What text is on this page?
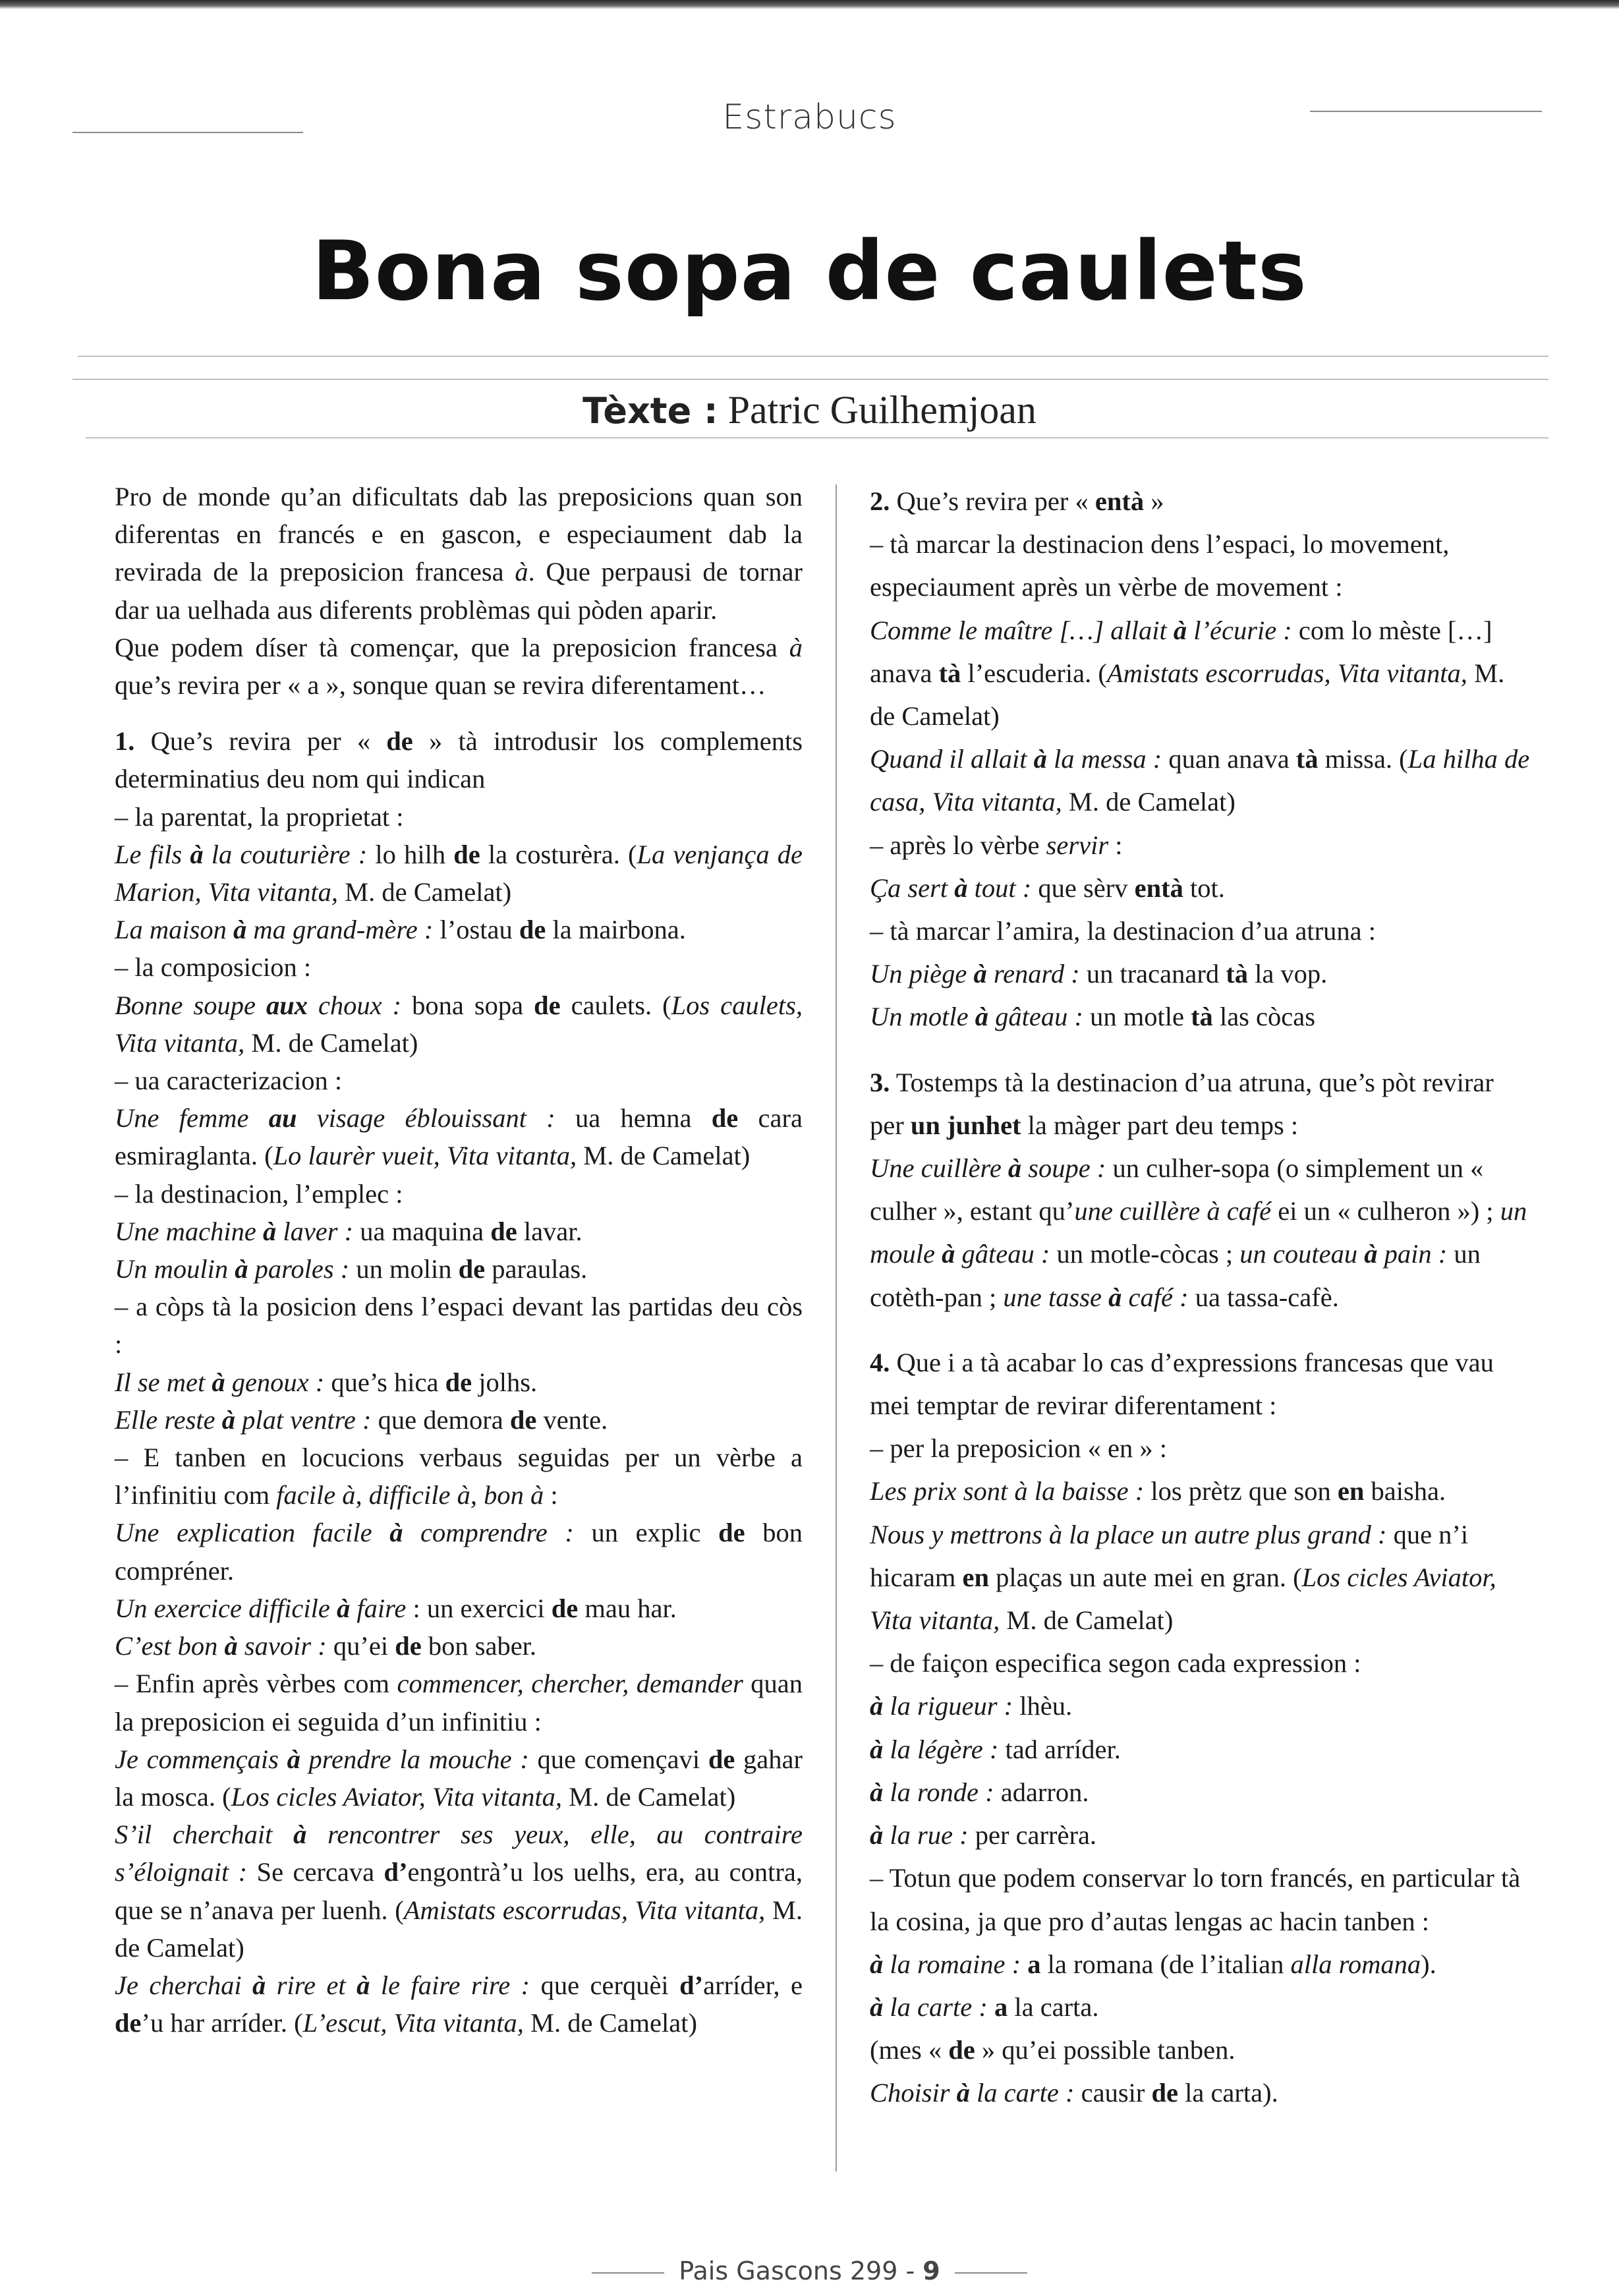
Estrabucs
Bona sopa de caulets
Tèxte : Patric Guilhemjoan

Pro de monde qu’an dificultats dab las preposicions quan son diferentas en francés e en gascon, e especiaument dab la revirada de la preposicion francesa à. Que perpausi de tornar dar ua uelhada aus diferents problèmas qui pòden aparir.

Que podem díser tà començar, que la preposicion francesa à que’s revira per « a », sonque quan se revira diferentament…

1. Que’s revira per « de » tà introdusir los complements determinatius deu nom qui indican

– la parentat, la proprietat :

Le fils à la couturière : lo hilh de la costurèra. (La venjança de Marion, Vita vitanta, M. de Camelat)

La maison à ma grand-mère : l’ostau de la mairbona.

– la composicion :

Bonne soupe aux choux : bona sopa de caulets. (Los caulets, Vita vitanta, M. de Camelat)

– ua caracterizacion :

Une femme au visage éblouissant : ua hemna de cara esmiraglanta. (Lo laurèr vueit, Vita vitanta, M. de Camelat)

– la destinacion, l’emplec :

Une machine à laver : ua maquina de lavar.

Un moulin à paroles : un molin de paraulas.

– a còps tà la posicion dens l’espaci devant las partidas deu còs :

Il se met à genoux : que’s hica de jolhs.

Elle reste à plat ventre : que demora de vente.

– E tanben en locucions verbaus seguidas per un vèrbe a l’infinitiu com facile à, difficile à, bon à :

Une explication facile à comprendre : un explic de bon compréner.

Un exercice difficile à faire : un exercici de mau har.

C’est bon à savoir : qu’ei de bon saber.

– Enfin après vèrbes com commencer, chercher, demander quan la preposicion ei seguida d’un infinitiu :

Je commençais à prendre la mouche : que començavi de gahar la mosca. (Los cicles Aviator, Vita vitanta, M. de Camelat)

S’il cherchait à rencontrer ses yeux, elle, au contraire s’éloignait : Se cercava d’engontrà’u los uelhs, era, au contra, que se n’anava per luenh. (Amistats escorrudas, Vita vitanta, M. de Camelat)

Je cherchai à rire et à le faire rire : que cerquèi d’arríder, e de’u har arríder. (L’escut, Vita vitanta, M. de Camelat)

2. Que’s revira per « entà »

– tà marcar la destinacion dens l’espaci, lo movement, especiaument après un vèrbe de movement :

Comme le maître […] allait à l’écurie : com lo mèste […] anava tà l’escuderia. (Amistats escorrudas, Vita vitanta, M. de Camelat)

Quand il allait à la messa : quan anava tà missa. (La hilha de casa, Vita vitanta, M. de Camelat)

– après lo vèrbe servir :

Ça sert à tout : que sèrv entà tot.

– tà marcar l’amira, la destinacion d’ua atruna :

Un piège à renard : un tracanard tà la vop.

Un motle à gâteau : un motle tà las còcas

3. Tostemps tà la destinacion d’ua atruna, que’s pòt revirar per un junhet la màger part deu temps :

Une cuillère à soupe : un culher-sopa (o simplement un « culher », estant qu’une cuillère à café ei un « culheron ») ; un moule à gâteau : un motle-còcas ; un couteau à pain : un cotèth-pan ; une tasse à café : ua tassa-cafè.

4. Que i a tà acabar lo cas d’expressions francesas que vau mei temptar de revirar diferentament :

– per la preposicion « en » :

Les prix sont à la baisse : los prètz que son en baisha.

Nous y mettrons à la place un autre plus grand : que n’i hicaram en plaças un aute mei en gran. (Los cicles Aviator, Vita vitanta, M. de Camelat)

– de faiçon especifica segon cada expression :

à la rigueur : lhèu.

à la légère : tad arríder.

à la ronde : adarron.

à la rue : per carrèra.

– Totun que podem conservar lo torn francés, en particular tà la cosina, ja que pro d’autas lengas ac hacin tanben :

à la romaine : a la romana (de l’italian alla romana).

à la carte : a la carta.

(mes « de » qu’ei possible tanben.

Choisir à la carte : causir de la carta).

Pais Gascons 299 - 9
